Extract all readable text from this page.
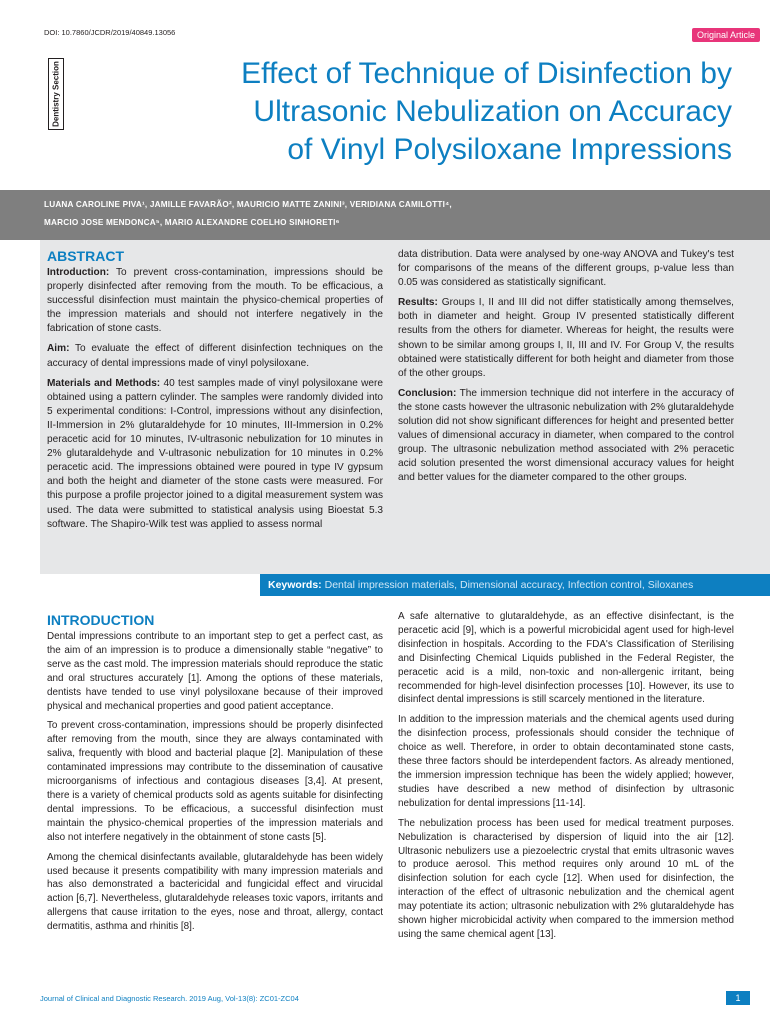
DOI: 10.7860/JCDR/2019/40849.13056	Original Article
Dentistry Section	Effect of Technique of Disinfection by
Ultrasonic Nebulization on Accuracy
of Vinyl Polysiloxane Impressions
LUANA CAROLINE PIVA¹, JAMILLE FAVARÃO², MAURICIO MATTE ZANINI³, VERIDIANA CAMILOTTI⁴,
MARCIO JOSE MENDONCA⁵, MARIO ALEXANDRE COELHO SINHORETI⁶
ABSTRACT

Introduction: To prevent cross-contamination, impressions should be properly disinfected after removing from the mouth. To be efficacious, a successful disinfection must maintain the physico-chemical properties of the impression materials and should not interfere negatively in the fabrication of stone casts.

Aim: To evaluate the effect of different disinfection techniques on the accuracy of dental impressions made of vinyl polysiloxane.

Materials and Methods: 40 test samples made of vinyl polysiloxane were obtained using a pattern cylinder. The samples were randomly divided into 5 experimental conditions: I-Control, impressions without any disinfection, II-Immersion in 2% glutaraldehyde for 10 minutes, III-Immersion in 0.2% peracetic acid for 10 minutes, IV-ultrasonic nebulization for 10 minutes in 2% glutaraldehyde and V-ultrasonic nebulization for 10 minutes in 0.2% peracetic acid. The impressions obtained were poured in type IV gypsum and both the height and diameter of the stone casts were measured. For this purpose a profile projector joined to a digital measurement system was used. The data were submitted to statistical analysis using Bioestat 5.3 software. The Shapiro-Wilk test was applied to assess normal

data distribution. Data were analysed by one-way ANOVA and Tukey's test for comparisons of the means of the different groups, p-value less than 0.05 was considered as statistically significant.

Results: Groups I, II and III did not differ statistically among themselves, both in diameter and height. Group IV presented statistically different results from the others for diameter. Whereas for height, the results were shown to be similar among groups I, II, III and IV. For Group V, the results obtained were statistically different for both height and diameter from those of the other groups.

Conclusion: The immersion technique did not interfere in the accuracy of the stone casts however the ultrasonic nebulization with 2% glutaraldehyde solution did not show significant differences for height and presented better values of dimensional accuracy in diameter, when compared to the control group. The ultrasonic nebulization method associated with 2% peracetic acid solution presented the worst dimensional accuracy values for height and better values for the diameter compared to the other groups.

Keywords: Dental impression materials, Dimensional accuracy, Infection control, Siloxanes
INTRODUCTION

Dental impressions contribute to an important step to get a perfect cast, as the aim of an impression is to produce a dimensionally stable “negative” to serve as the cast mold. The impression materials should reproduce the static and oral structures accurately [1]. Among the options of these materials, dentists have tended to use vinyl polysiloxane because of their improved physical and mechanical properties and good patient acceptance.

To prevent cross-contamination, impressions should be properly disinfected after removing from the mouth, since they are always contaminated with saliva, frequently with blood and bacterial plaque [2]. Manipulation of these contaminated impressions may contribute to the dissemination of causative microorganisms of infectious and contagious diseases [3,4]. At present, there is a variety of chemical products sold as agents suitable for disinfecting dental impressions. To be efficacious, a successful disinfection must maintain the physico-chemical properties of the impression materials and also not interfere negatively in the obtainment of stone casts [5].

Among the chemical disinfectants available, glutaraldehyde has been widely used because it presents compatibility with many impression materials and has also demonstrated a bactericidal and fungicidal effect and virucidal action [6,7]. Nevertheless, glutaraldehyde releases toxic vapors, irritants and allergens that cause irritation to the eyes, nose and throat, allergy, contact dermatitis, asthma and rhinitis [8].

A safe alternative to glutaraldehyde, as an effective disinfectant, is the peracetic acid [9], which is a powerful microbicidal agent used for high-level disinfection in hospitals. According to the FDA's Classification of Sterilising and Disinfecting Chemical Liquids published in the Federal Register, the peracetic acid is a mild, non-toxic and non-allergenic irritant, being recommended for high-level disinfection processes [10]. However, its use to disinfect dental impressions is still scarcely mentioned in the literature.

In addition to the impression materials and the chemical agents used during the disinfection process, professionals should consider the technique of choice as well. Therefore, in order to obtain decontaminated stone casts, these three factors should be interdependent factors. As already mentioned, the immersion impression technique has been the widely applied; however, studies have described a new method of disinfection by ultrasonic nebulization for dental impressions [11-14].

The nebulization process has been used for medical treatment purposes. Nebulization is characterised by dispersion of liquid into the air [12]. Ultrasonic nebulizers use a piezoelectric crystal that emits ultrasonic waves to produce aerosol. This method requires only around 10 mL of the disinfection solution for each cycle [12]. When used for disinfection, the interaction of the effect of ultrasonic nebulization and the chemical agent may potentiate its action; ultrasonic nebulization with 2% glutaraldehyde has shown higher microbicidal activity when compared to the immersion method using the same chemical agent [13].

Journal of Clinical and Diagnostic Research. 2019 Aug, Vol-13(8): ZC01-ZC04	1
